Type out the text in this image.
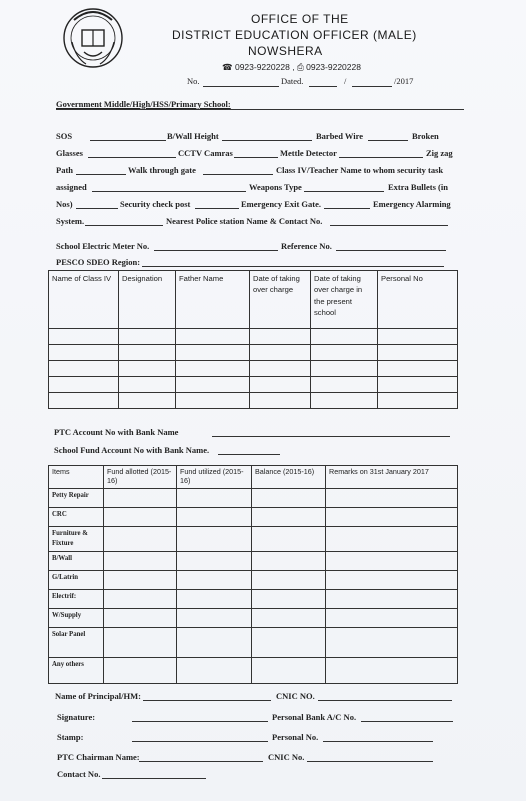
OFFICE OF THE
DISTRICT EDUCATION OFFICER (MALE)
NOWSHERA
☎ 0923-9220228 , ⎙ 0923-9220228
No.	Dated.	/	/2017
Government Middle/High/HSS/Primary School:
SOS	B/Wall Height	Barbed Wire	Broken
Glasses	CCTV Camras	Mettle Detector	Zig zag
Path	Walk through gate	Class IV/Teacher Name to whom security task
assigned	Weapons Type	Extra Bullets (in
Nos)	Security check post	Emergency Exit Gate.	Emergency Alarming
System.	Nearest Police station Name & Contact No.
School Electric Meter No.	Reference No.
PESCO SDEO Region:
Name of Class IV	Designation	Father Name	Date of taking over charge	Date of taking over charge in the present school	Personal No

PTC Account No with Bank Name
School Fund Account No with Bank Name.
Items	Fund allotted (2015-16)	Fund utilized (2015-16)	Balance (2015-16)	Remarks on 31st January 2017
Petty Repair				
CRC				
Furniture & Fixture				
B/Wall				
G/Latrin				
Electrif:				
W/Supply				
Solar Panel				
Any others				
Name of Principal/HM:	CNIC NO.
Signature:	Personal Bank A/C No.
Stamp:	Personal No.
PTC Chairman Name:	CNIC No.
Contact No.
